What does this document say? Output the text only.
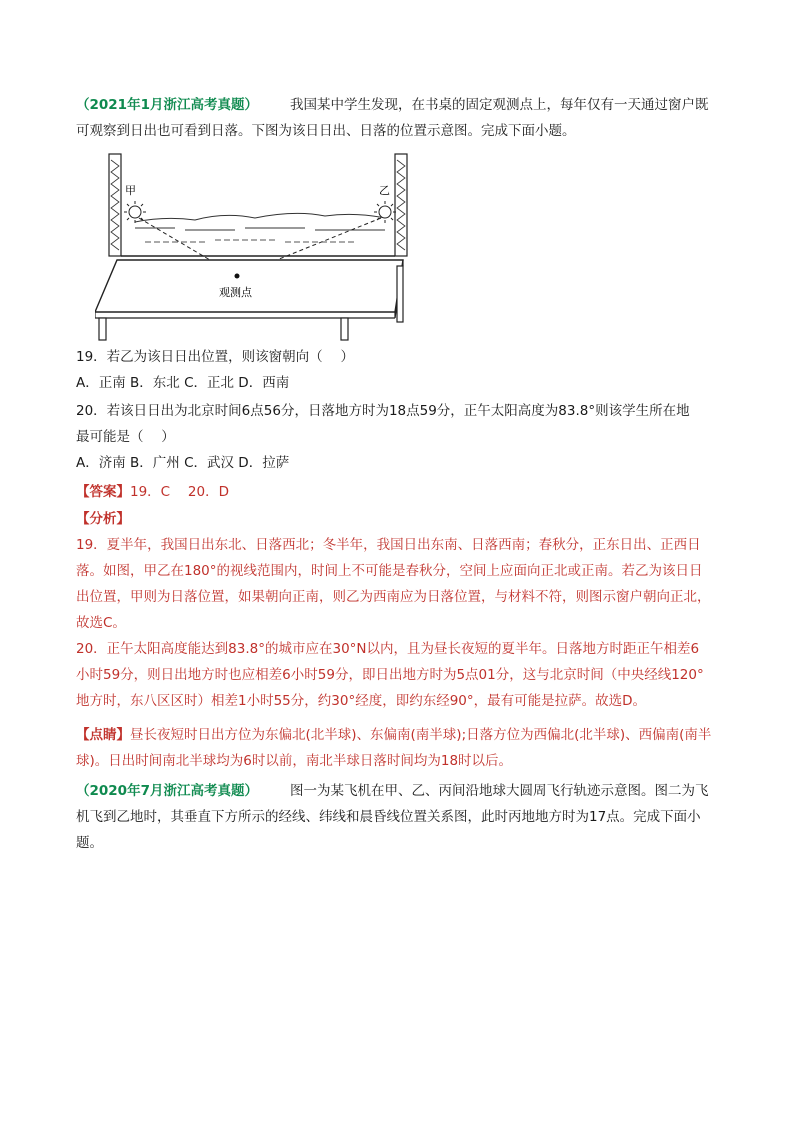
（2021年1月浙江高考真题） 我国某中学生发现，在书桌的固定观测点上，每年仅有一天通过窗户既
可观察到日出也可看到日落。下图为该日日出、日落的位置示意图。完成下面小题。
甲	乙
观测点
19．若乙为该日日出位置，则该窗朝向（　 ）
A．正南 B．东北 C．正北 D．西南
20．若该日日出为北京时间6点56分，日落地方时为18点59分，正午太阳高度为83.8°则该学生所在地
最可能是（　 ）
A．济南 B．广州 C．武汉 D．拉萨
【答案】19．C　 20．D
【分析】
19．夏半年，我国日出东北、日落西北；冬半年，我国日出东南、日落西南；春秋分，正东日出、正西日
落。如图，甲乙在180°的视线范围内，时间上不可能是春秋分，空间上应面向正北或正南。若乙为该日日
出位置，甲则为日落位置，如果朝向正南，则乙为西南应为日落位置，与材料不符，则图示窗户朝向正北，
故选C。
20．正午太阳高度能达到83.8°的城市应在30°N以内，且为昼长夜短的夏半年。日落地方时距正午相差6
小时59分，则日出地方时也应相差6小时59分，即日出地方时为5点01分，这与北京时间（中央经线120°
地方时，东八区区时）相差1小时55分，约30°经度，即约东经90°，最有可能是拉萨。故选D。
【点睛】昼长夜短时日出方位为东偏北(北半球)、东偏南(南半球);日落方位为西偏北(北半球)、西偏南(南半
球)。日出时间南北半球均为6时以前，南北半球日落时间均为18时以后。
（2020年7月浙江高考真题） 图一为某飞机在甲、乙、丙间沿地球大圆周飞行轨迹示意图。图二为飞
机飞到乙地时，其垂直下方所示的经线、纬线和晨昏线位置关系图，此时丙地地方时为17点。完成下面小
题。
